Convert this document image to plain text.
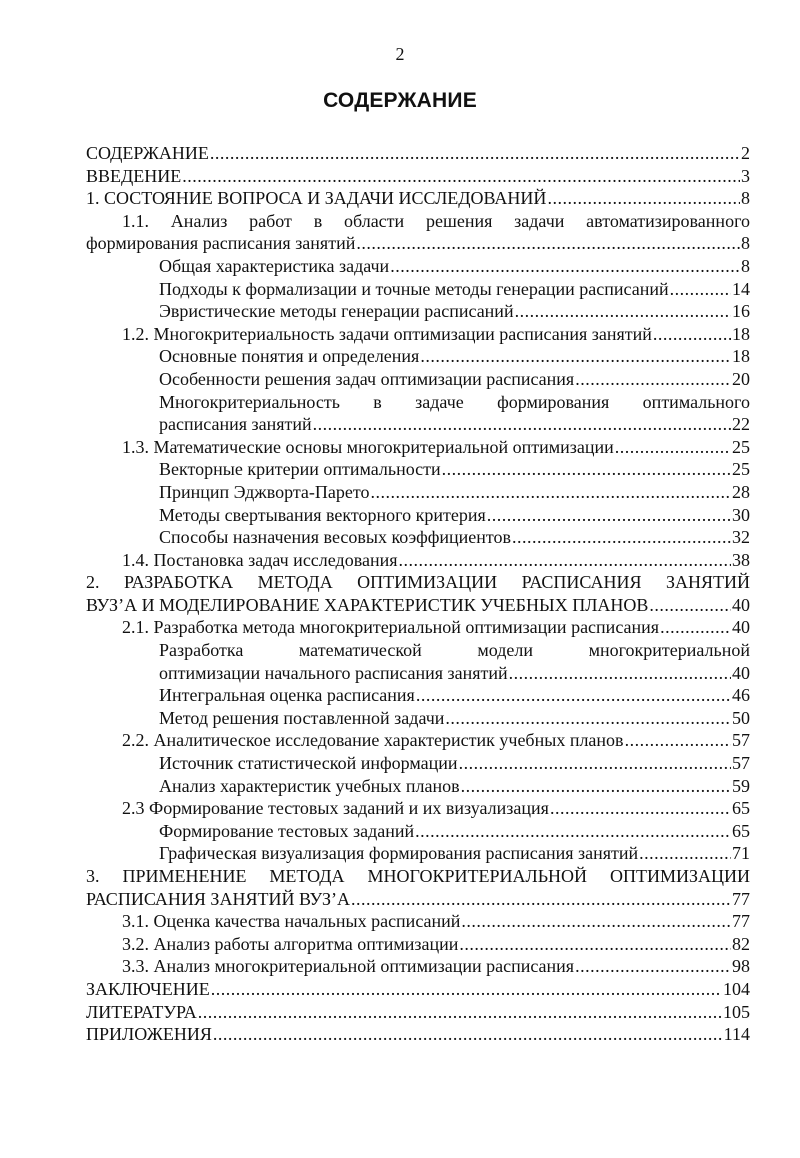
2
СОДЕРЖАНИЕ
СОДЕРЖАНИЕ .....	2
ВВЕДЕНИЕ .....	3
1. СОСТОЯНИЕ ВОПРОСА И ЗАДАЧИ ИССЛЕДОВАНИЙ .....	8
1.1. Анализ работ в области решения задачи автоматизированного
формирования расписания занятий .....	8
Общая характеристика задачи .....	8
Подходы к формализации и точные методы генерации расписаний .....	14
Эвристические методы генерации расписаний .....	16
1.2. Многокритериальность задачи оптимизации расписания занятий .....	18
Основные понятия и определения .....	18
Особенности решения задач оптимизации расписания .....	20
Многокритериальность в задаче формирования оптимального
расписания занятий .....	22
1.3. Математические основы многокритериальной оптимизации .....	25
Векторные критерии оптимальности .....	25
Принцип Эджворта-Парето .....	28
Методы свертывания векторного критерия .....	30
Способы назначения весовых коэффициентов .....	32
1.4. Постановка задач исследования .....	38
2. РАЗРАБОТКА МЕТОДА ОПТИМИЗАЦИИ РАСПИСАНИЯ ЗАНЯТИЙ
ВУЗ’А И МОДЕЛИРОВАНИЕ ХАРАКТЕРИСТИК УЧЕБНЫХ ПЛАНОВ .....	40
2.1. Разработка метода многокритериальной оптимизации расписания .....	40
Разработка математической модели многокритериальной
оптимизации начального расписания занятий .....	40
Интегральная оценка расписания .....	46
Метод решения поставленной задачи .....	50
2.2. Аналитическое исследование характеристик учебных планов .....	57
Источник статистической информации .....	57
Анализ характеристик учебных планов .....	59
2.3 Формирование тестовых заданий и их визуализация .....	65
Формирование тестовых заданий .....	65
Графическая визуализация формирования расписания занятий .....	71
3. ПРИМЕНЕНИЕ МЕТОДА МНОГОКРИТЕРИАЛЬНОЙ ОПТИМИЗАЦИИ
РАСПИСАНИЯ ЗАНЯТИЙ ВУЗ’А .....	77
3.1. Оценка качества начальных расписаний .....	77
3.2. Анализ работы алгоритма оптимизации .....	82
3.3. Анализ многокритериальной оптимизации расписания .....	98
ЗАКЛЮЧЕНИЕ .....	104
ЛИТЕРАТУРА .....	105
ПРИЛОЖЕНИЯ .....	114
